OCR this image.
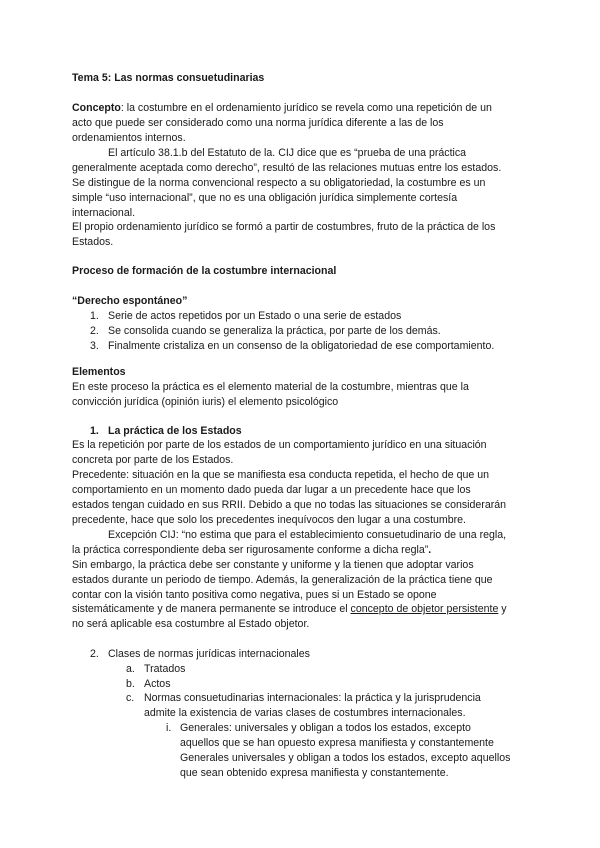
Tema 5: Las normas consuetudinarias
Concepto: la costumbre en el ordenamiento jurídico se revela como una repetición de un
acto que puede ser considerado como una norma jurídica diferente a las de los
ordenamientos internos.
El artículo 38.1.b del Estatuto de la. CIJ dice que es “prueba de una práctica
generalmente aceptada como derecho”, resultó de las relaciones mutuas entre los estados.
Se distingue de la norma convencional respecto a su obligatoriedad, la costumbre es un
simple “uso internacional”, que no es una obligación jurídica simplemente cortesía
internacional.
El propio ordenamiento jurídico se formó a partir de costumbres, fruto de la práctica de los
Estados.
Proceso de formación de la costumbre internacional
“Derecho espontáneo”
1. Serie de actos repetidos por un Estado o una serie de estados
2. Se consolida cuando se generaliza la práctica, por parte de los demás.
3. Finalmente cristaliza en un consenso de la obligatoriedad de ese comportamiento.
Elementos
En este proceso la práctica es el elemento material de la costumbre, mientras que la
convicción jurídica (opinión iuris) el elemento psicológico
1. La práctica de los Estados
Es la repetición por parte de los estados de un comportamiento jurídico en una situación
concreta por parte de los Estados.
Precedente: situación en la que se manifiesta esa conducta repetida, el hecho de que un
comportamiento en un momento dado pueda dar lugar a un precedente hace que los
estados tengan cuidado en sus RRII. Debido a que no todas las situaciones se considerarán
precedente, hace que solo los precedentes inequívocos den lugar a una costumbre.
Excepción CIJ: “no estima que para el establecimiento consuetudinario de una regla,
la práctica correspondiente deba ser rigurosamente conforme a dicha regla”.
Sin embargo, la práctica debe ser constante y uniforme y la tienen que adoptar varios
estados durante un periodo de tiempo. Además, la generalización de la práctica tiene que
contar con la visión tanto positiva como negativa, pues si un Estado se opone
sistemáticamente y de manera permanente se introduce el concepto de objetor persistente y
no será aplicable esa costumbre al Estado objetor.
2. Clases de normas jurídicas internacionales
a. Tratados
b. Actos
c. Normas consuetudinarias internacionales: la práctica y la jurisprudencia
admite la existencia de varias clases de costumbres internacionales.
i. Generales: universales y obligan a todos los estados, excepto
aquellos que se han opuesto expresa manifiesta y constantemente
Generales universales y obligan a todos los estados, excepto aquellos
que sean obtenido expresa manifiesta y constantemente.
